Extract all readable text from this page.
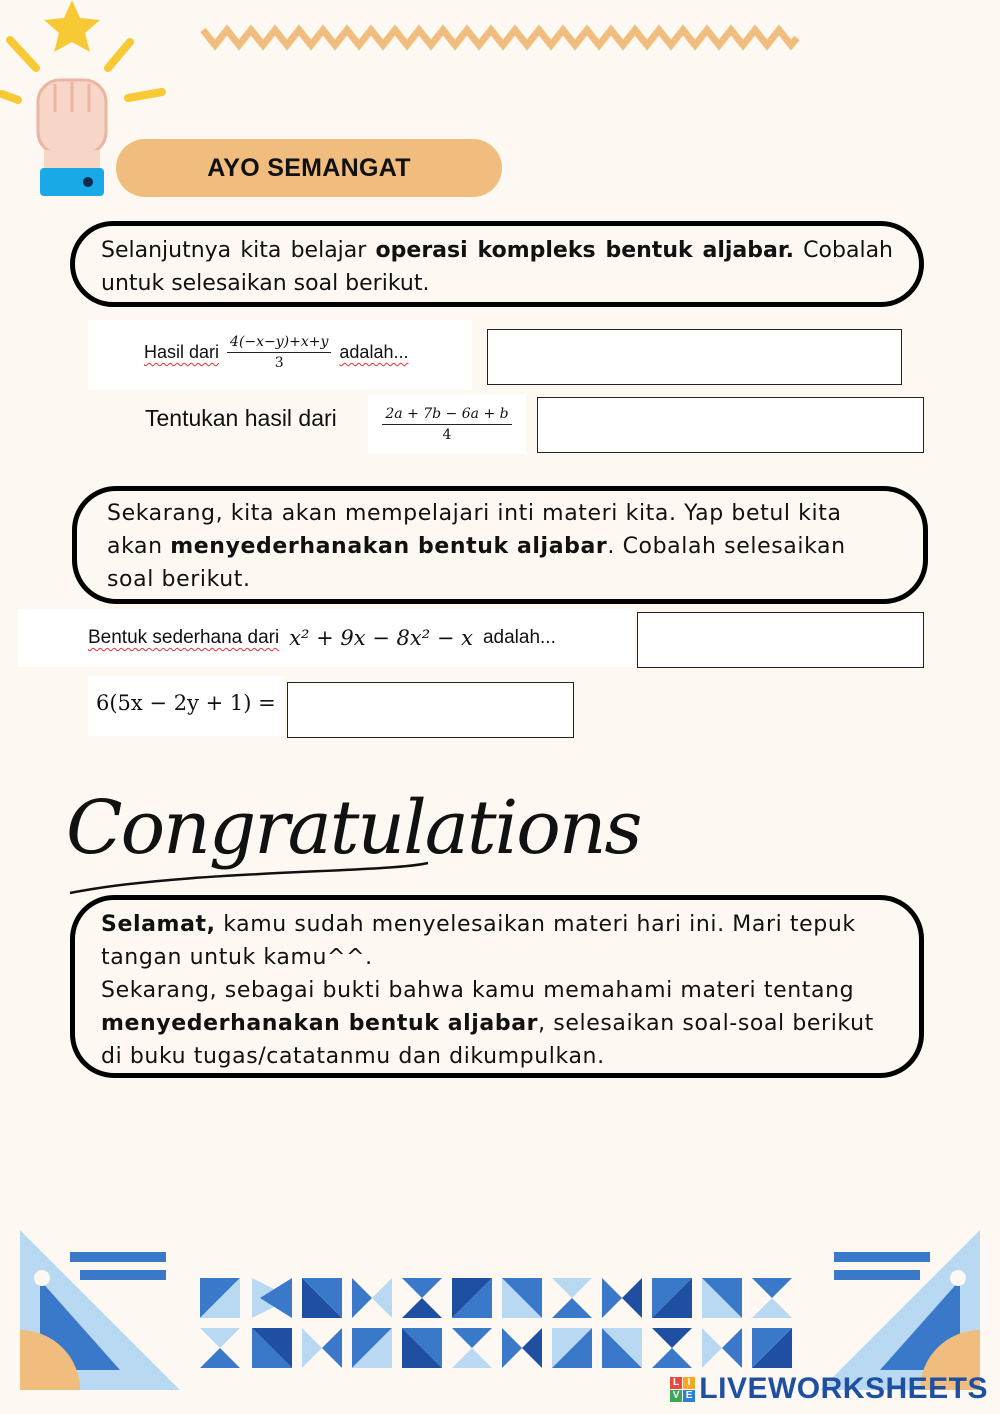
AYO SEMANGAT

Selanjutnya kita belajar operasi kompleks bentuk aljabar. Cobalah untuk selesaikan soal berikut.

Hasil dari $\frac{4(-x-y)+x+y}{3}$ adalah...
Tentukan hasil dari	$\frac{2a + 7b - 6a + b}{4}$

Sekarang, kita akan mempelajari inti materi kita. Yap betul kita akan menyederhanakan bentuk aljabar. Cobalah selesaikan soal berikut.

Bentuk sederhana dari x² + 9x − 8x² − x adalah...
6(5x − 2y + 1) =
Congratulations

Selamat, kamu sudah menyelesaikan materi hari ini. Mari tepuk tangan untuk kamu^^.

Sekarang, sebagai bukti bahwa kamu memahami materi tentang menyederhanakan bentuk aljabar, selesaikan soal-soal berikut di buku tugas/catatanmu dan dikumpulkan.

L I
V E LIVEWORKSHEETS
